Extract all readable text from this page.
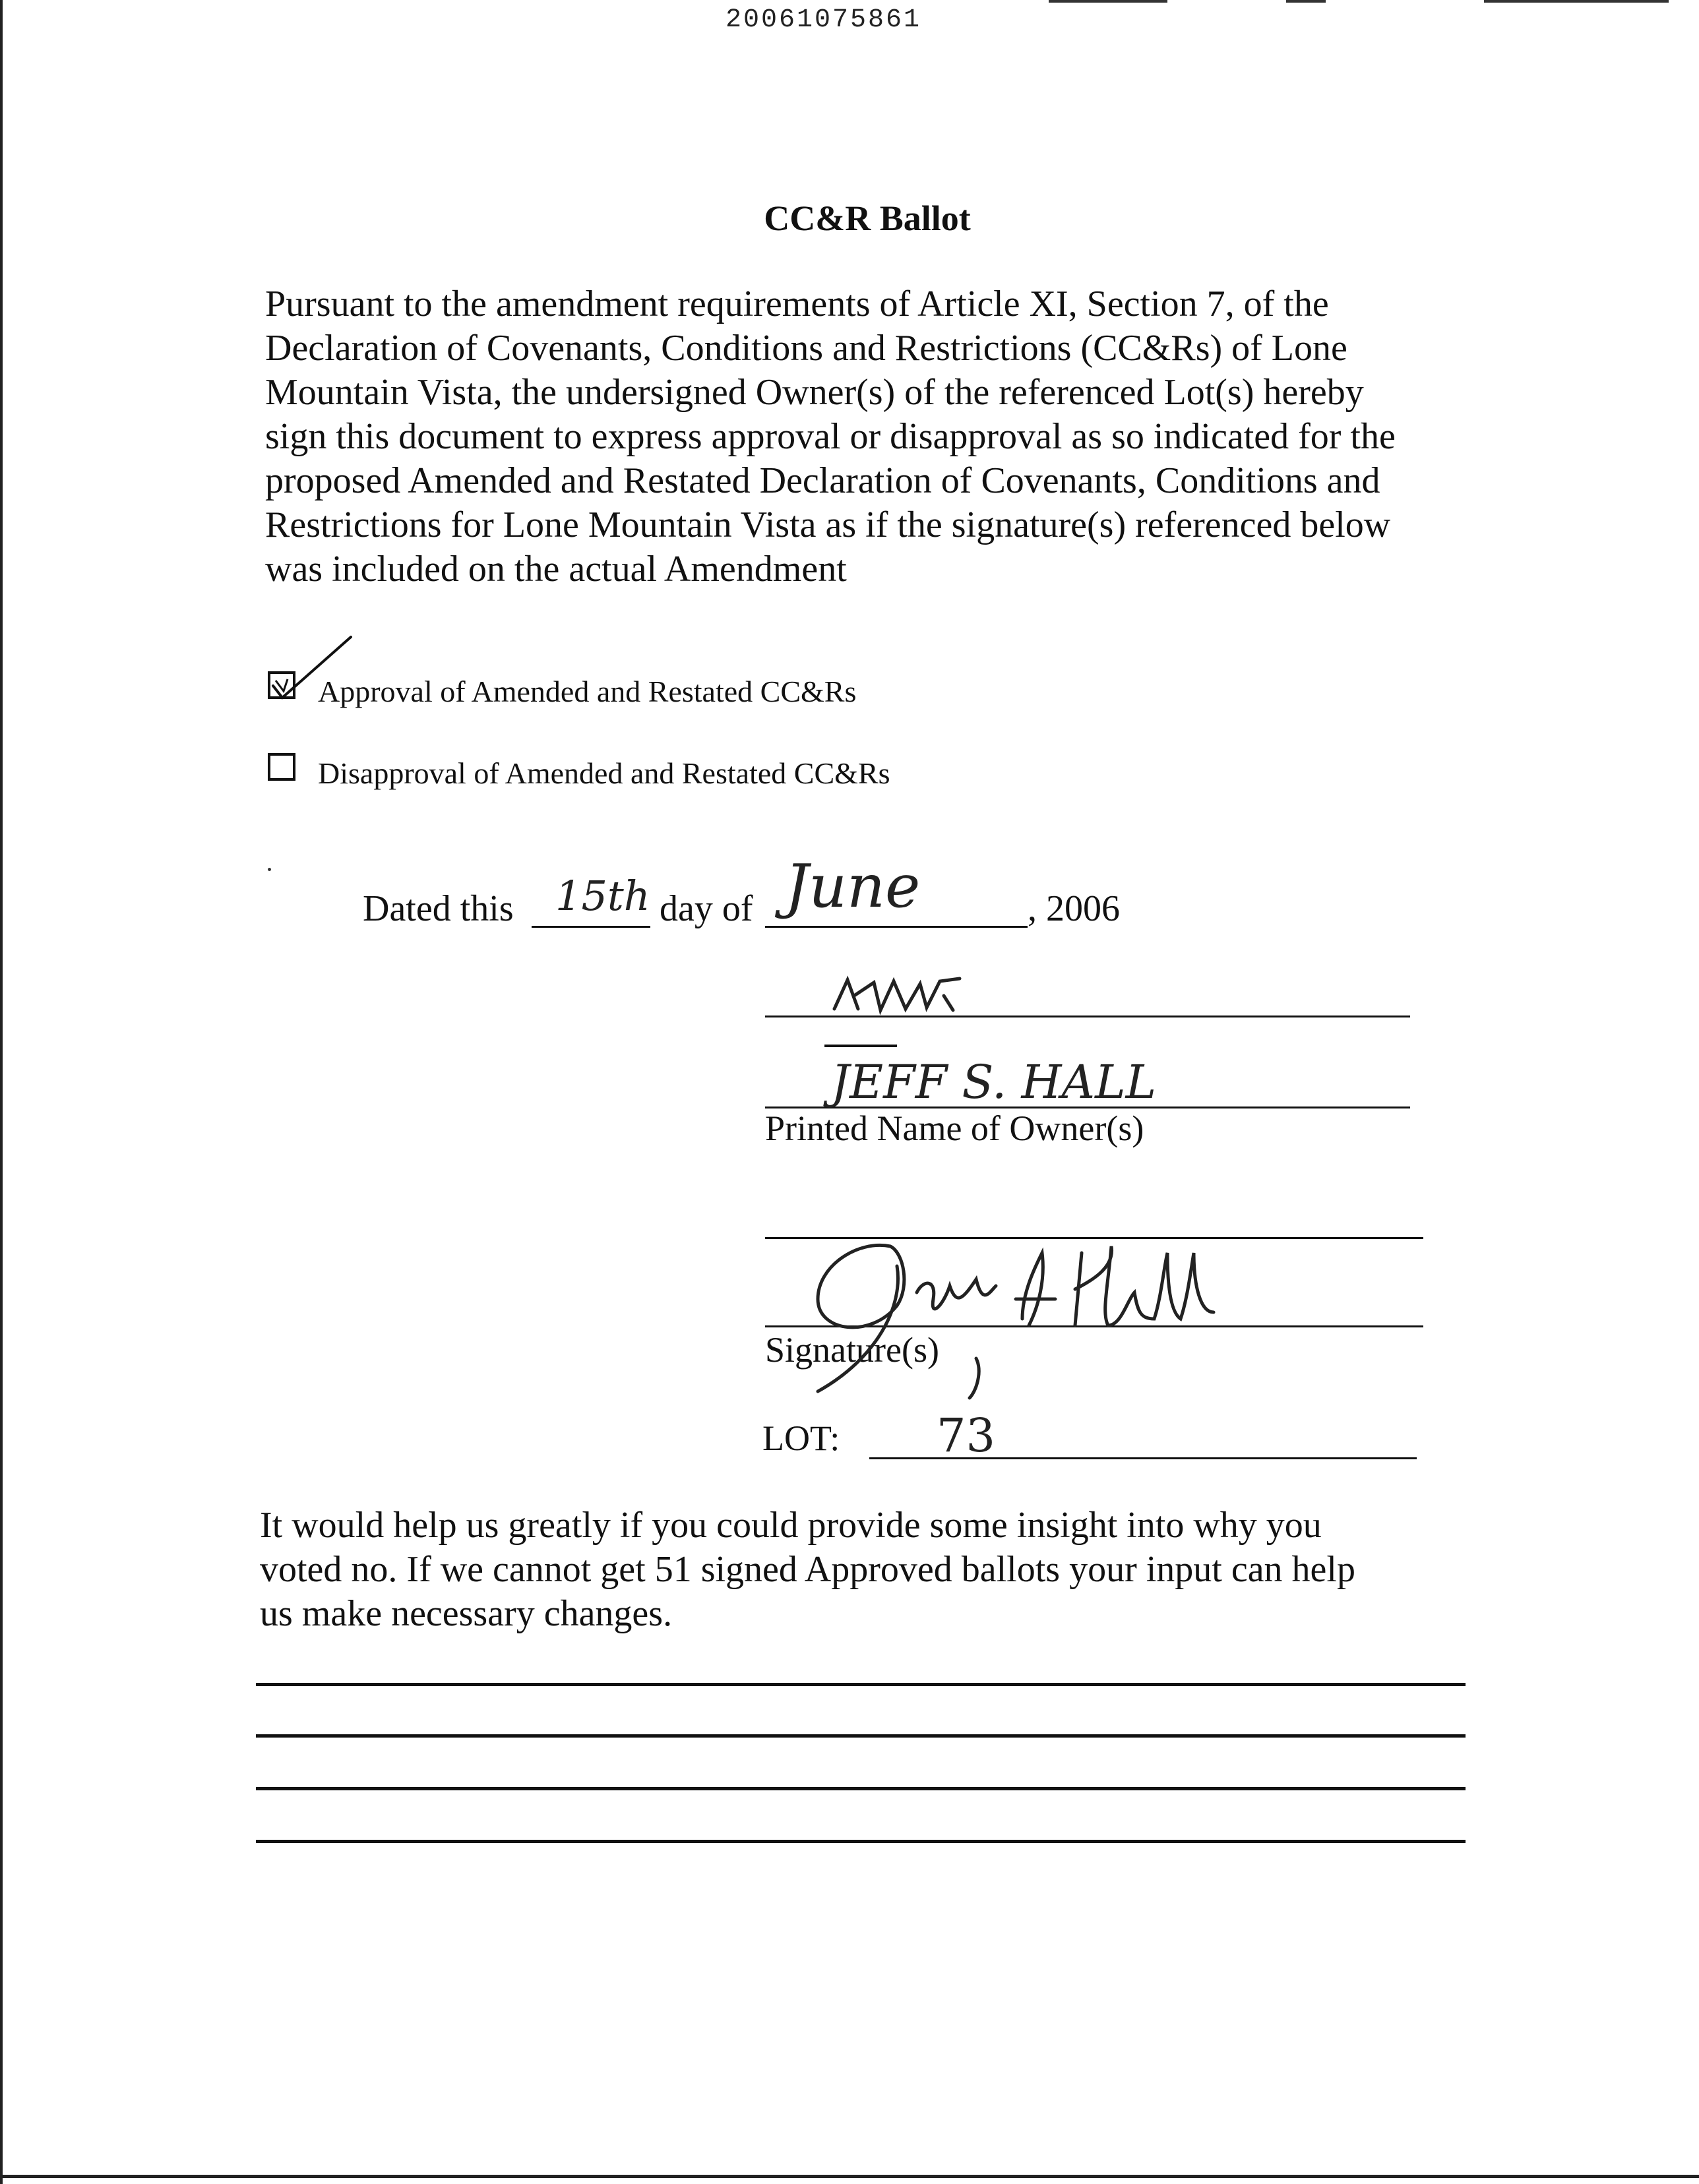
20061075861
CC&R Ballot
Pursuant to the amendment requirements of Article XI, Section 7, of the
Declaration of Covenants, Conditions and Restrictions (CC&Rs) of Lone
Mountain Vista, the undersigned Owner(s) of the referenced Lot(s) hereby
sign this document to express approval or disapproval as so indicated for the
proposed Amended and Restated Declaration of Covenants, Conditions and
Restrictions for Lone Mountain Vista as if the signature(s) referenced below
was included on the actual Amendment
Approval of Amended and Restated CC&Rs
Disapproval of Amended and Restated CC&Rs
Dated this 15th day of June	, 2006
JEFF S. HALL
Printed Name of Owner(s)
Signature(s)
LOT: 73
It would help us greatly if you could provide some insight into why you
voted no. If we cannot get 51 signed Approved ballots your input can help
us make necessary changes.
